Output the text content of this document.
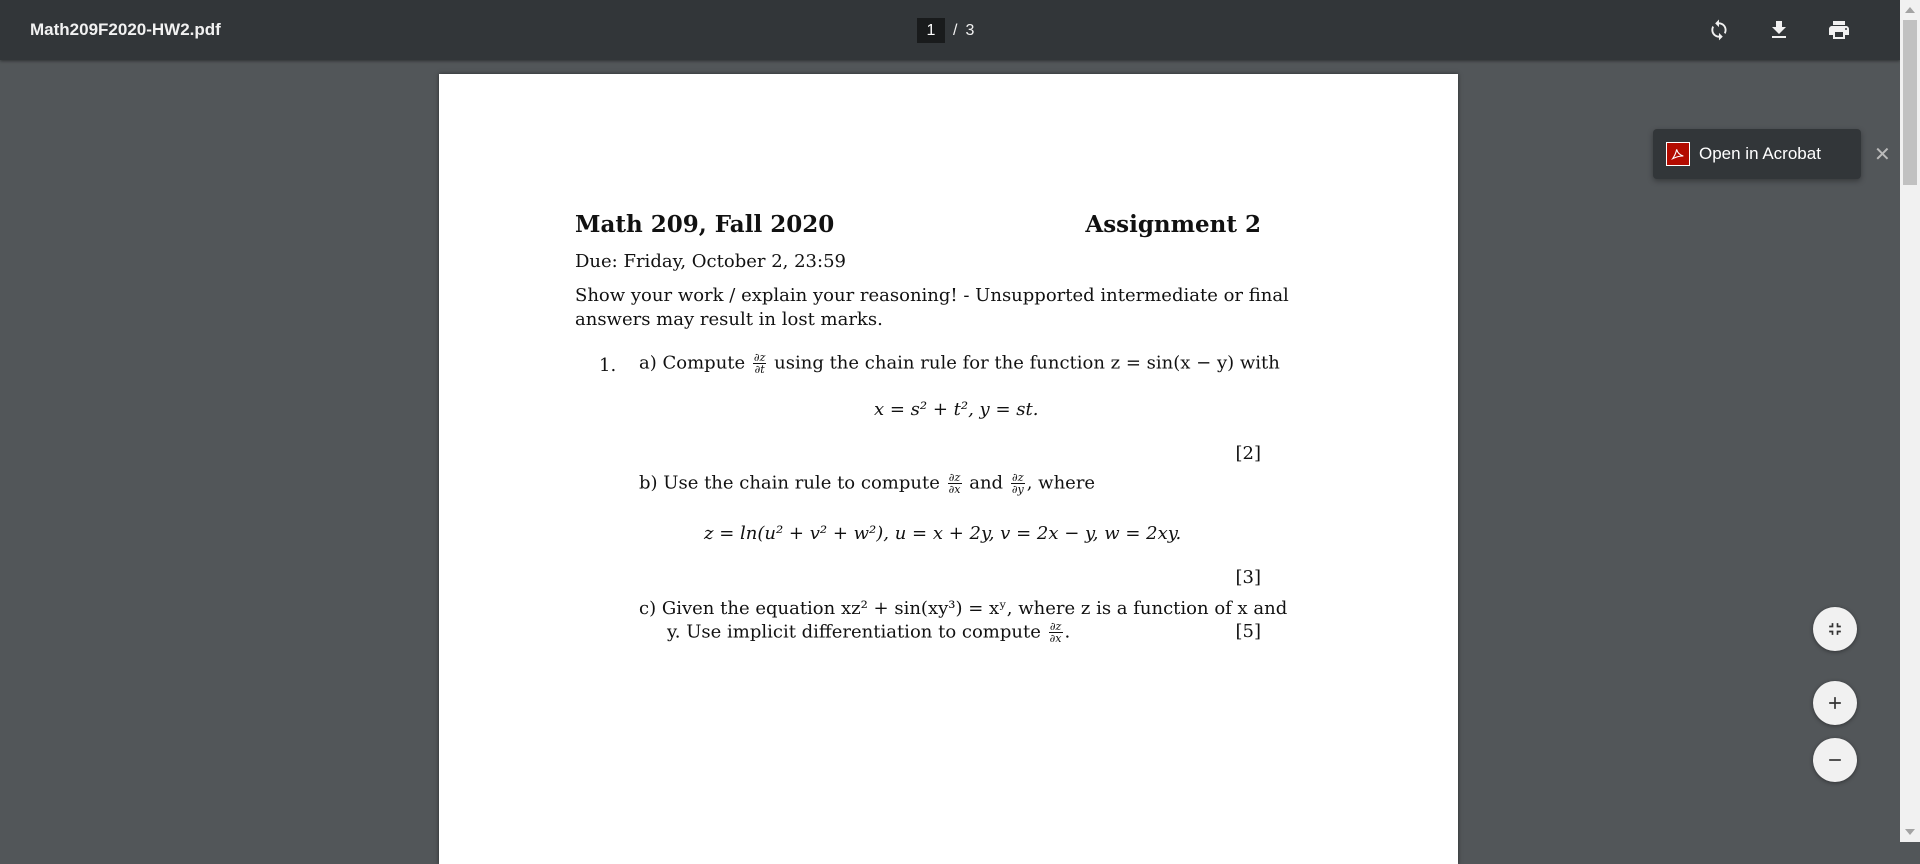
Math209F2020-HW2.pdf
1	/ 3
Math 209, Fall 2020	Assignment 2
Due: Friday, October 2, 23:59
Show your work / explain your reasoning! - Unsupported intermediate or final
answers may result in lost marks.
1. a) Compute $\frac{\partial z}{\partial t}$ using the chain rule for the function z = sin(x − y) with
x = s² + t², y = st.
[2]
b) Use the chain rule to compute $\frac{\partial z}{\partial x}$ and $\frac{\partial z}{\partial y}$ , where
z = ln(u² + v² + w²), u = x + 2y, v = 2x − y, w = 2xy.
[3]
c) Given the equation xz² + sin(xy³) = xʸ, where z is a function of x and
y. Use implicit differentiation to compute $\frac{\partial z}{\partial x}$ .	[5]
Open in Acrobat	✕
